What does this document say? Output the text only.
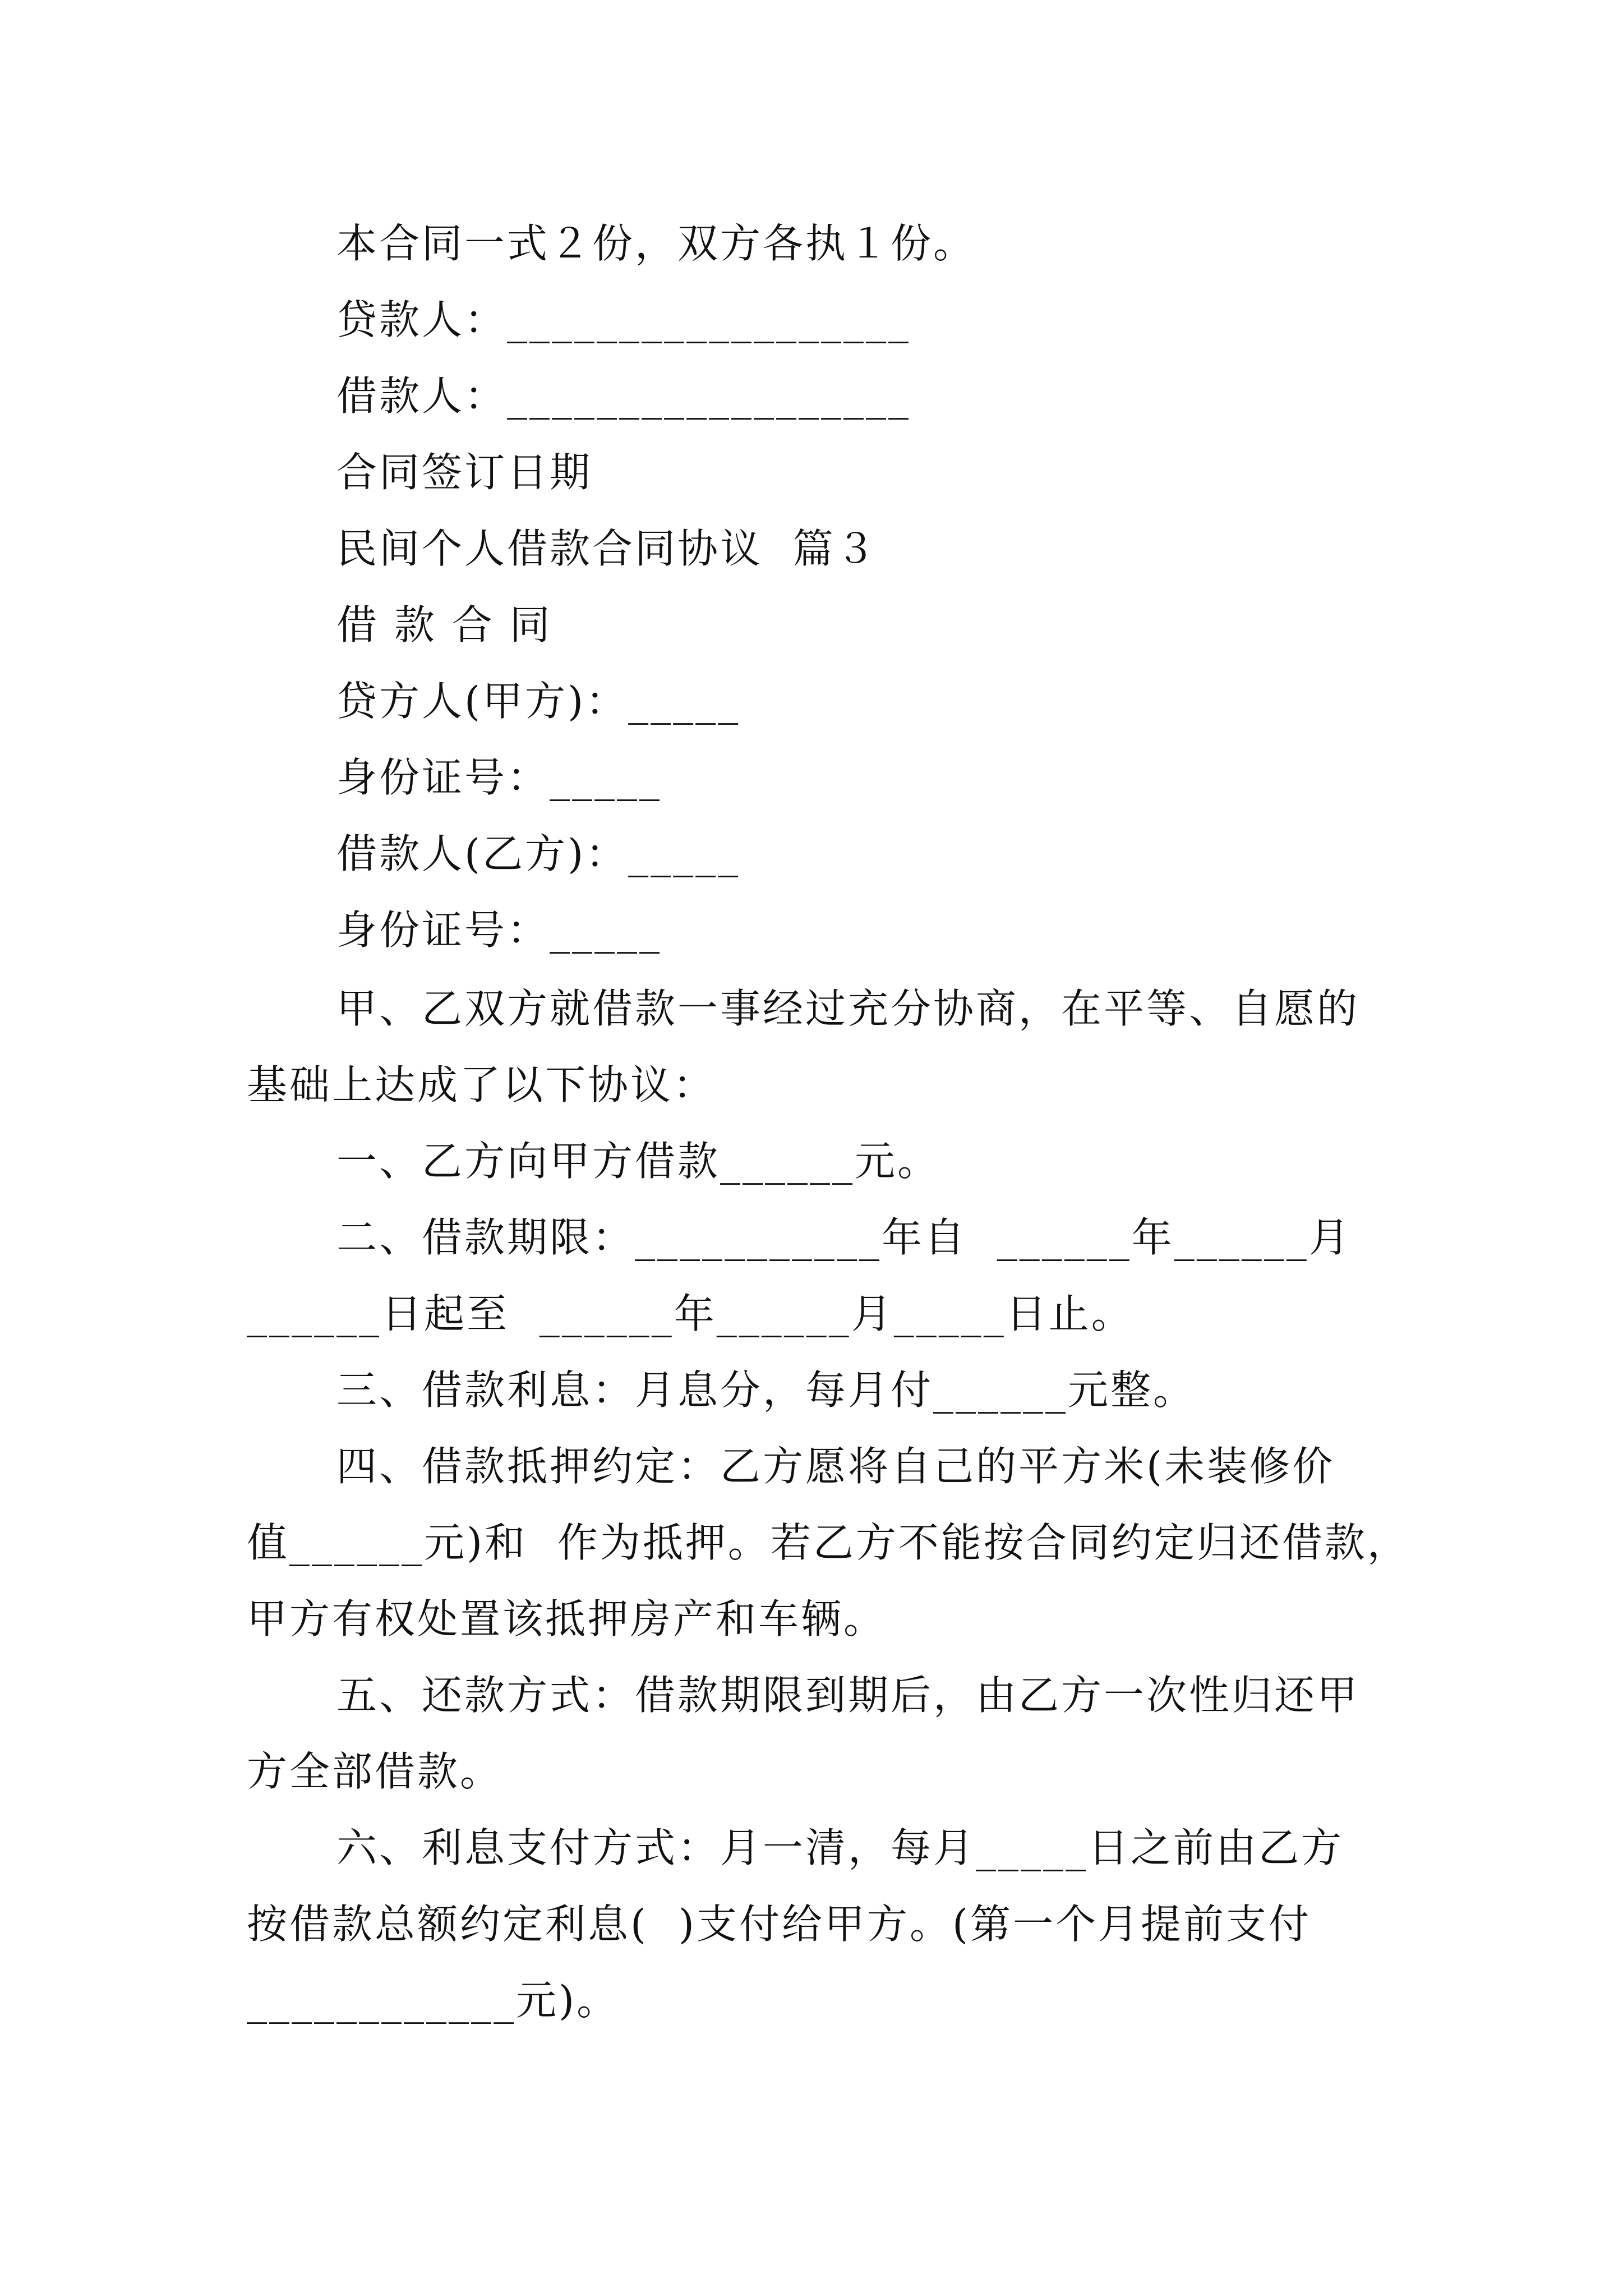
本合同一式２份，双方各执１份。
贷款人：__________________
借款人：__________________
合同签订日期
民间个人借款合同协议  篇３
借 款 合 同
贷方人(甲方)：_____
身份证号：_____
借款人(乙方)：_____
身份证号：_____
甲、乙双方就借款一事经过充分协商，在平等、自愿的
基础上达成了以下协议：
一、乙方向甲方借款______元。
二、借款期限：___________年自  ______年______月
______日起至  ______年______月_____日止。
三、借款利息：月息分，每月付______元整。
四、借款抵押约定：乙方愿将自己的平方米(未装修价
值______元)和  作为抵押。若乙方不能按合同约定归还借款，
甲方有权处置该抵押房产和车辆。
五、还款方式：借款期限到期后，由乙方一次性归还甲
方全部借款。
六、利息支付方式：月一清，每月_____日之前由乙方
按借款总额约定利息(  )支付给甲方。(第一个月提前支付
____________元)。
